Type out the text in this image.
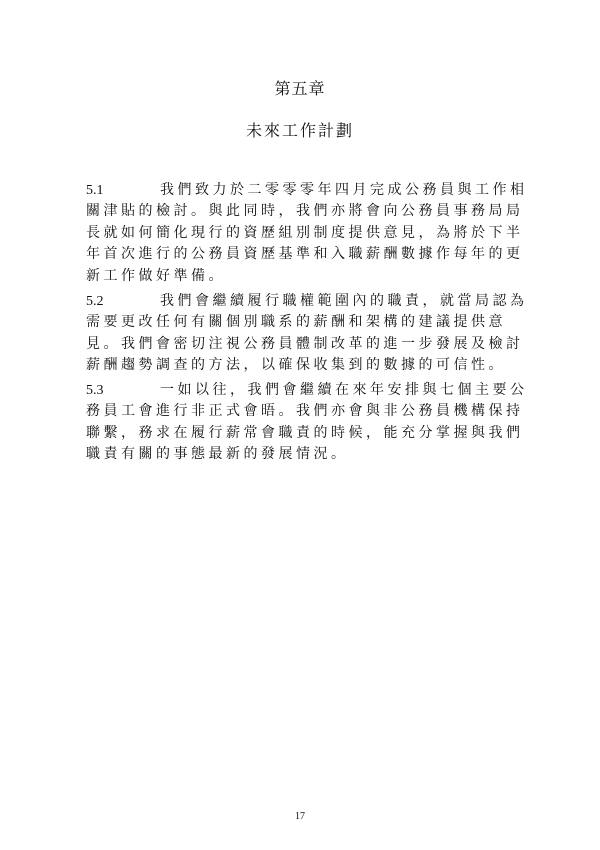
第五章
未來工作計劃
5.1	我們致力於二零零零年四月完成公務員與工作相
關津貼的檢討。與此同時，我們亦將會向公務員事務局局
長就如何簡化現行的資歷組別制度提供意見，為將於下半
年首次進行的公務員資歷基準和入職薪酬數據作每年的更
新工作做好準備。
5.2	我們會繼續履行職權範圍內的職責，就當局認為
需要更改任何有關個別職系的薪酬和架構的建議提供意
見。我們會密切注視公務員體制改革的進一步發展及檢討
薪酬趨勢調查的方法，以確保收集到的數據的可信性。
5.3	一如以往，我們會繼續在來年安排與七個主要公
務員工會進行非正式會晤。我們亦會與非公務員機構保持
聯繫，務求在履行薪常會職責的時候，能充分掌握與我們
職責有關的事態最新的發展情況。
17
